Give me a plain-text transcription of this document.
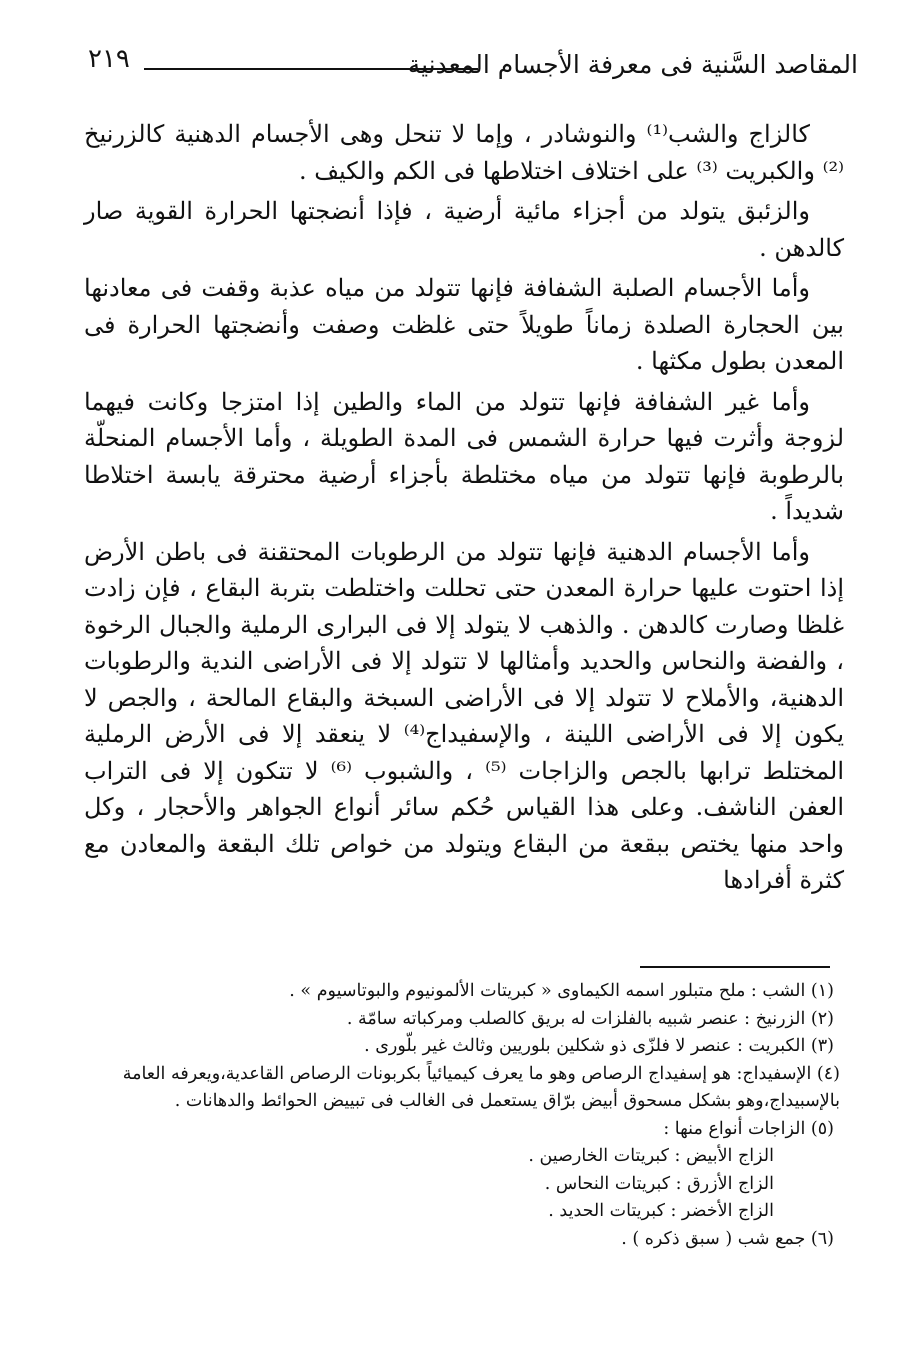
المقاصد السَّنية فى معرفة الأجسام المعدنية
٢١٩

كالزاج والشب⁽¹⁾ والنوشادر ، وإما لا تنحل وهى الأجسام الدهنية كالزرنيخ ⁽²⁾ والكبريت ⁽³⁾ على اختلاف اختلاطها فى الكم والكيف .

والزئبق يتولد من أجزاء مائية أرضية ، فإذا أنضجتها الحرارة القوية صار كالدهن .

وأما الأجسام الصلبة الشفافة فإنها تتولد من مياه عذبة وقفت فى معادنها بين الحجارة الصلدة زماناً طويلاً حتى غلظت وصفت وأنضجتها الحرارة فى المعدن بطول مكثها .

وأما غير الشفافة فإنها تتولد من الماء والطين إذا امتزجا وكانت فيهما لزوجة وأثرت فيها حرارة الشمس فى المدة الطويلة ، وأما الأجسام المنحلّة بالرطوبة فإنها تتولد من مياه مختلطة بأجزاء أرضية محترقة يابسة اختلاطا شديداً .

وأما الأجسام الدهنية فإنها تتولد من الرطوبات المحتقنة فى باطن الأرض إذا احتوت عليها حرارة المعدن حتى تحللت واختلطت بتربة البقاع ، فإن زادت غلظا وصارت كالدهن . والذهب لا يتولد إلا فى البرارى الرملية والجبال الرخوة ، والفضة والنحاس والحديد وأمثالها لا تتولد إلا فى الأراضى الندية والرطوبات الدهنية، والأملاح لا تتولد إلا فى الأراضى السبخة والبقاع المالحة ، والجص لا يكون إلا فى الأراضى اللينة ، والإسفيداج⁽⁴⁾ لا ينعقد إلا فى الأرض الرملية المختلط ترابها بالجص والزاجات ⁽⁵⁾ ، والشبوب ⁽⁶⁾ لا تتكون إلا فى التراب العفن الناشف. وعلى هذا القياس حُكم سائر أنواع الجواهر والأحجار ، وكل واحد منها يختص ببقعة من البقاع ويتولد من خواص تلك البقعة والمعادن مع كثرة أفرادها

(١) الشب : ملح متبلور اسمه الكيماوى « كبريتات الألمونيوم والبوتاسيوم » .

(٢) الزرنيخ : عنصر شبيه بالفلزات له بريق كالصلب ومركباته سامّة .

(٣) الكبريت : عنصر لا فلزّى ذو شكلين بلوريين وثالث غير بلّورى .

(٤) الإسفيداج: هو إسفيداج الرصاص وهو ما يعرف كيميائياً بكربونات الرصاص القاعدية،ويعرفه العامة بالإسبيداج،وهو بشكل مسحوق أبيض برّاق يستعمل فى الغالب فى تبييض الحوائط والدهانات .

(٥) الزاجات أنواع منها :

الزاج الأبيض : كبريتات الخارصين .

الزاج الأزرق : كبريتات النحاس .

الزاج الأخضر : كبريتات الحديد .

(٦) جمع شب ( سبق ذكره ) .
